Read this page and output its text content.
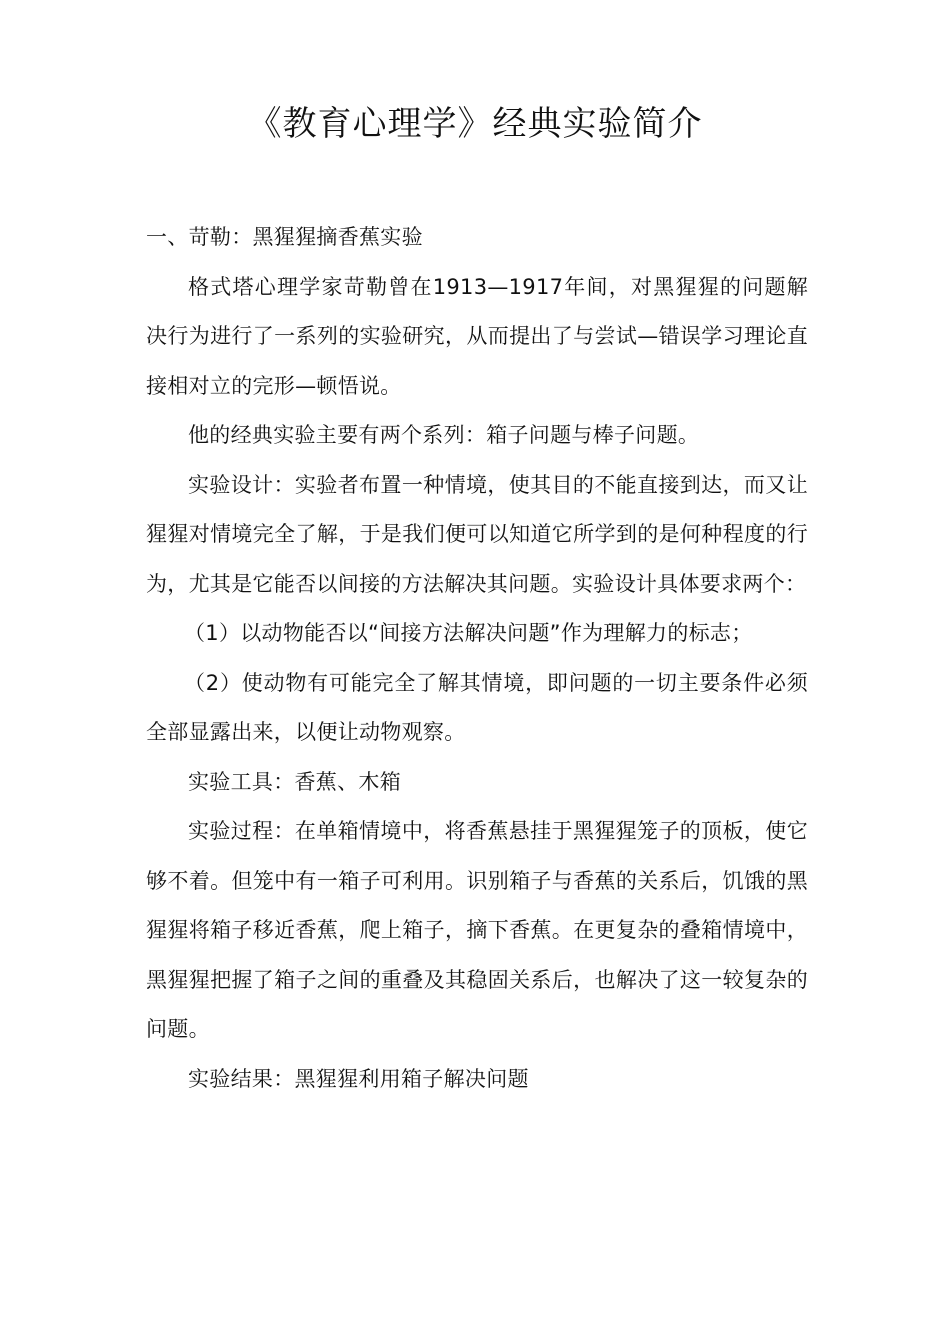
《教育心理学》经典实验简介

一、苛勒：黑猩猩摘香蕉实验

格式塔心理学家苛勒曾在1913—1917年间，对黑猩猩的问题解决行为进行了一系列的实验研究，从而提出了与尝试—错误学习理论直接相对立的完形—顿悟说。

他的经典实验主要有两个系列：箱子问题与棒子问题。

实验设计：实验者布置一种情境，使其目的不能直接到达，而又让猩猩对情境完全了解，于是我们便可以知道它所学到的是何种程度的行为，尤其是它能否以间接的方法解决其问题。实验设计具体要求两个：

（1）以动物能否以“间接方法解决问题”作为理解力的标志；

（2）使动物有可能完全了解其情境，即问题的一切主要条件必须全部显露出来，以便让动物观察。

实验工具：香蕉、木箱

实验过程：在单箱情境中，将香蕉悬挂于黑猩猩笼子的顶板，使它够不着。但笼中有一箱子可利用。识别箱子与香蕉的关系后，饥饿的黑猩猩将箱子移近香蕉，爬上箱子，摘下香蕉。在更复杂的叠箱情境中，黑猩猩把握了箱子之间的重叠及其稳固关系后，也解决了这一较复杂的问题。

实验结果：黑猩猩利用箱子解决问题
